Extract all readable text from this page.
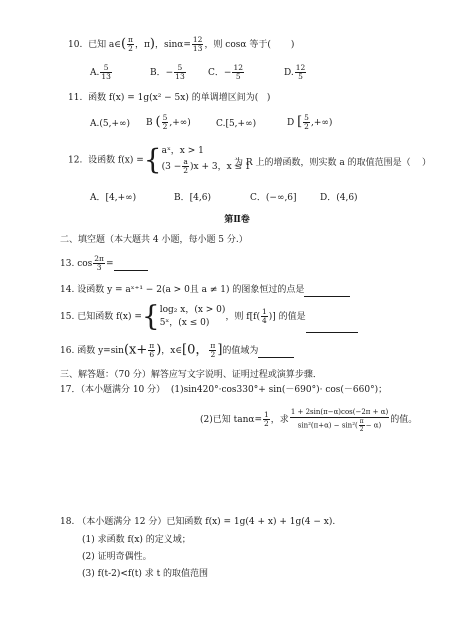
10. 已知 a∈( $\frac{\pi}{2}$ ，π)，$\sin\alpha= \frac{12}{13}$ ，则 cosα 等于( )
A. $\frac{5}{13}$	B．− $\frac{5}{13}$ C．− $\frac{12}{5}$	D. $\frac{12}{5}$
11. 函数 f(x) = 1g(x² − 5x) 的单调增区间为( )
A.(5,+∞) B ( $\frac{5}{2}$ ,+∞)	C.[5,+∞)	D [ $\frac{5}{2}$ ,+∞)
12. 设函数 f(x) ={ aˣ，x > 1
$(3 - \frac{a}{2} )x + 3$，x ≤ 1
为 R 上的增函数，则实数 a 的取值范围是（ ）
A．[4,+∞)	B．[4,6)	C．(−∞,6]	D．(4,6)
第Ⅱ卷
二、填空题（本大题共 4 小题，每小题 5 分.）
13. $\cos \frac{2\pi}{3}$ =
14. 设函数 y = aˣ⁺¹ − 2(a > 0且 a ≠ 1) 的图象恒过的点是
15. 已知函数 f(x) ={ log₂ x，(x > 0)
5ˣ，(x ≤ 0)
，则 $f[f( \frac{1}{4}$ )] 的值是
16. 函数 $y=\sin(x+ \frac{\pi}{6}$ )，x∈[0， $\frac{\pi}{2}$ ]的值域为
三、解答题：（70 分）解答应写文字说明、证明过程或演算步骤．
17．（本小题满分 10 分） (1)sin420°·cos330°+ sin(－690°)· cos(－660°)；
(2)已知 $\tan\alpha= \frac{1}{2}$ ，求 $\frac{1 + 2\sin(\pi-\alpha)\cos(-2\pi + \alpha)}{\sin^2(\pi+\alpha) - \sin^2( \frac{\pi}{2} - \alpha)}$ 的值。
18. （本小题满分 12 分）已知函数 f(x) = 1g(4 + x) + 1g(4 − x).
(1) 求函数 f(x) 的定义域；
(2) 证明奇偶性。
(3) f(t-2)<f(t) 求 t 的取值范围
